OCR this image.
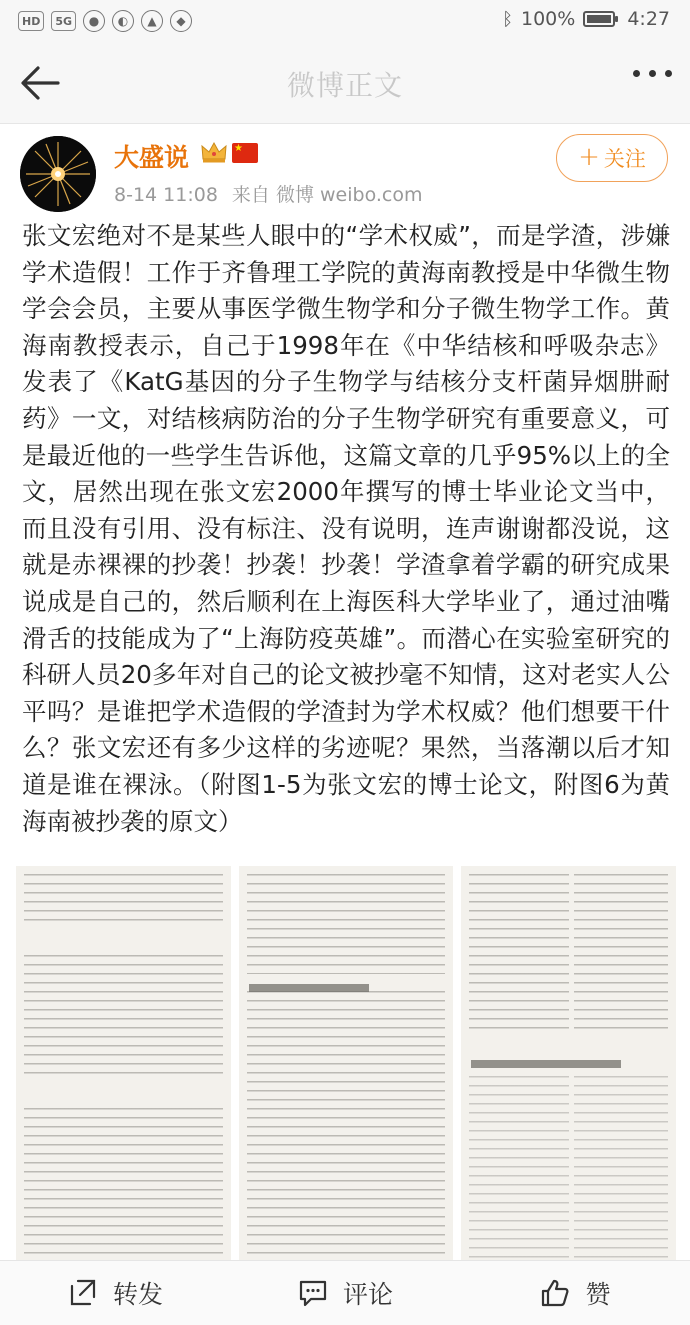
HD	5G	●	◐	▲	◆	ᛒ 100%	4:27
微博正文
大盛说	★
8-14 11:08 来自 微博 weibo.com
+ 关注
张文宏绝对不是某些人眼中的“学术权威”，而是学渣，涉嫌学术造假！工作于齐鲁理工学院的黄海南教授是中华微生物学会会员，主要从事医学微生物学和分子微生物学工作。黄海南教授表示，自己于1998年在《中华结核和呼吸杂志》发表了《KatG基因的分子生物学与结核分支杆菌异烟肼耐药》一文，对结核病防治的分子生物学研究有重要意义，可是最近他的一些学生告诉他，这篇文章的几乎95%以上的全文，居然出现在张文宏2000年撰写的博士毕业论文当中，而且没有引用、没有标注、没有说明，连声谢谢都没说，这就是赤裸裸的抄袭！抄袭！抄袭！学渣拿着学霸的研究成果说成是自己的，然后顺利在上海医科大学毕业了，通过油嘴滑舌的技能成为了“上海防疫英雄”。而潜心在实验室研究的科研人员20多年对自己的论文被抄毫不知情，这对老实人公平吗？是谁把学术造假的学渣封为学术权威？他们想要干什么？张文宏还有多少这样的劣迹呢？果然，当落潮以后才知道是谁在裸泳。（附图1-5为张文宏的博士论文，附图6为黄海南被抄袭的原文）
转发	评论	赞
